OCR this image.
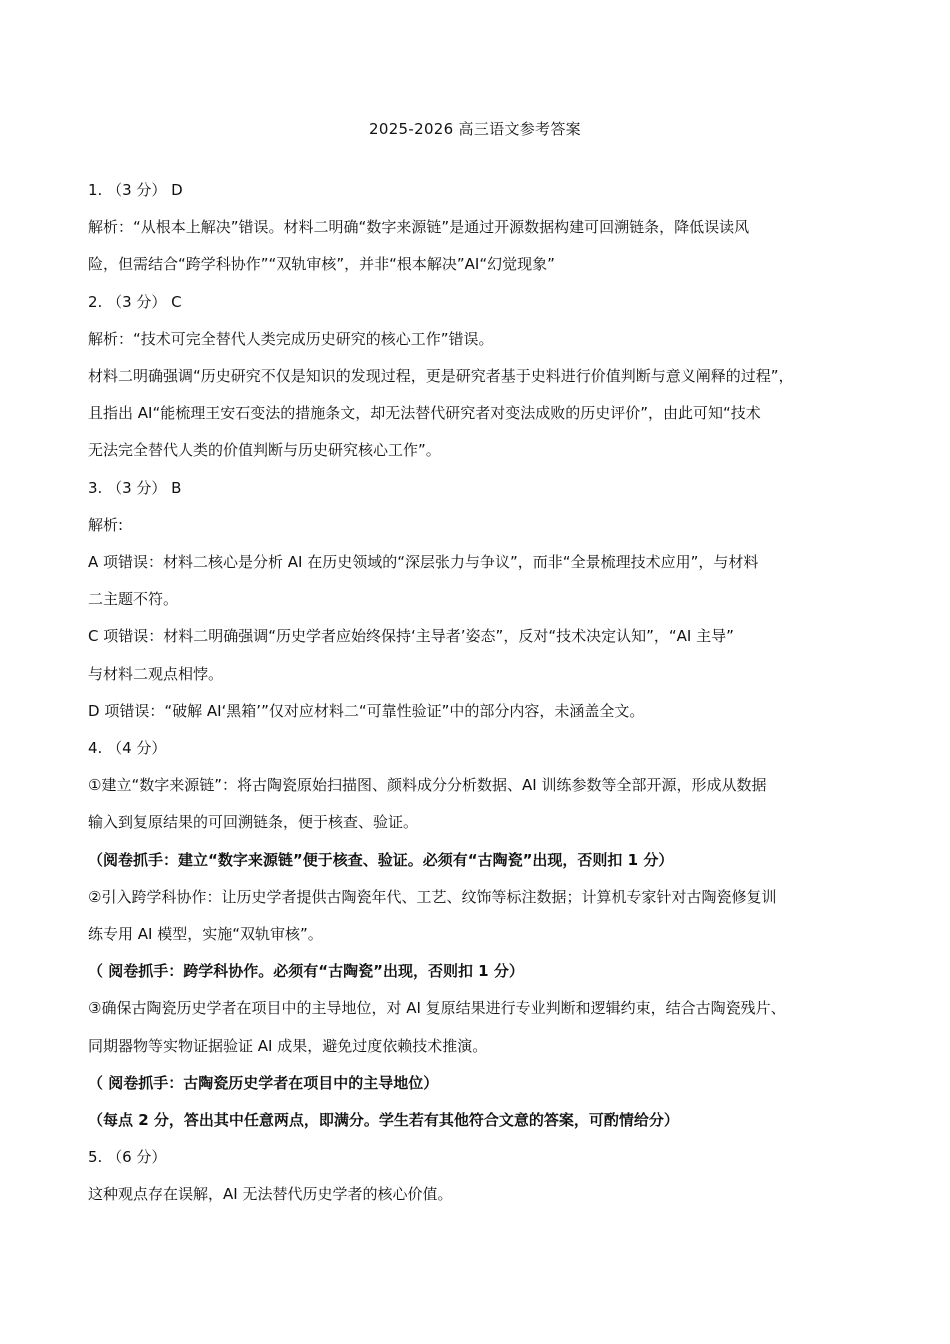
2025-2026 高三语文参考答案

1. （3 分） D

解析：“从根本上解决”错误。材料二明确“数字来源链”是通过开源数据构建可回溯链条，降低误读风

险，但需结合“跨学科协作”“双轨审核”，并非“根本解决”AI“幻觉现象”

2. （3 分） C

解析：“技术可完全替代人类完成历史研究的核心工作”错误。

材料二明确强调“历史研究不仅是知识的发现过程，更是研究者基于史料进行价值判断与意义阐释的过程”，

且指出 AI“能梳理王安石变法的措施条文，却无法替代研究者对变法成败的历史评价”，由此可知“技术

无法完全替代人类的价值判断与历史研究核心工作”。

3. （3 分） B

解析:

A 项错误：材料二核心是分析 AI 在历史领域的“深层张力与争议”，而非“全景梳理技术应用”，与材料

二主题不符。

C 项错误：材料二明确强调“历史学者应始终保持‘主导者’姿态”，反对“技术决定认知”，“AI 主导”

与材料二观点相悖。

D 项错误：“破解 AI‘黑箱’”仅对应材料二“可靠性验证”中的部分内容，未涵盖全文。

4. （4 分）

①建立“数字来源链”：将古陶瓷原始扫描图、颜料成分分析数据、AI 训练参数等全部开源，形成从数据

输入到复原结果的可回溯链条，便于核查、验证。

（阅卷抓手：建立“数字来源链”便于核查、验证。必须有“古陶瓷”出现，否则扣 1 分）

②引入跨学科协作：让历史学者提供古陶瓷年代、工艺、纹饰等标注数据；计算机专家针对古陶瓷修复训

练专用 AI 模型，实施“双轨审核”。

（ 阅卷抓手：跨学科协作。必须有“古陶瓷”出现，否则扣 1 分）

③确保古陶瓷历史学者在项目中的主导地位，对 AI 复原结果进行专业判断和逻辑约束，结合古陶瓷残片、

同期器物等实物证据验证 AI 成果，避免过度依赖技术推演。

（ 阅卷抓手：古陶瓷历史学者在项目中的主导地位）

（每点 2 分，答出其中任意两点，即满分。学生若有其他符合文意的答案，可酌情给分）

5. （6 分）

这种观点存在误解，AI 无法替代历史学者的核心价值。
